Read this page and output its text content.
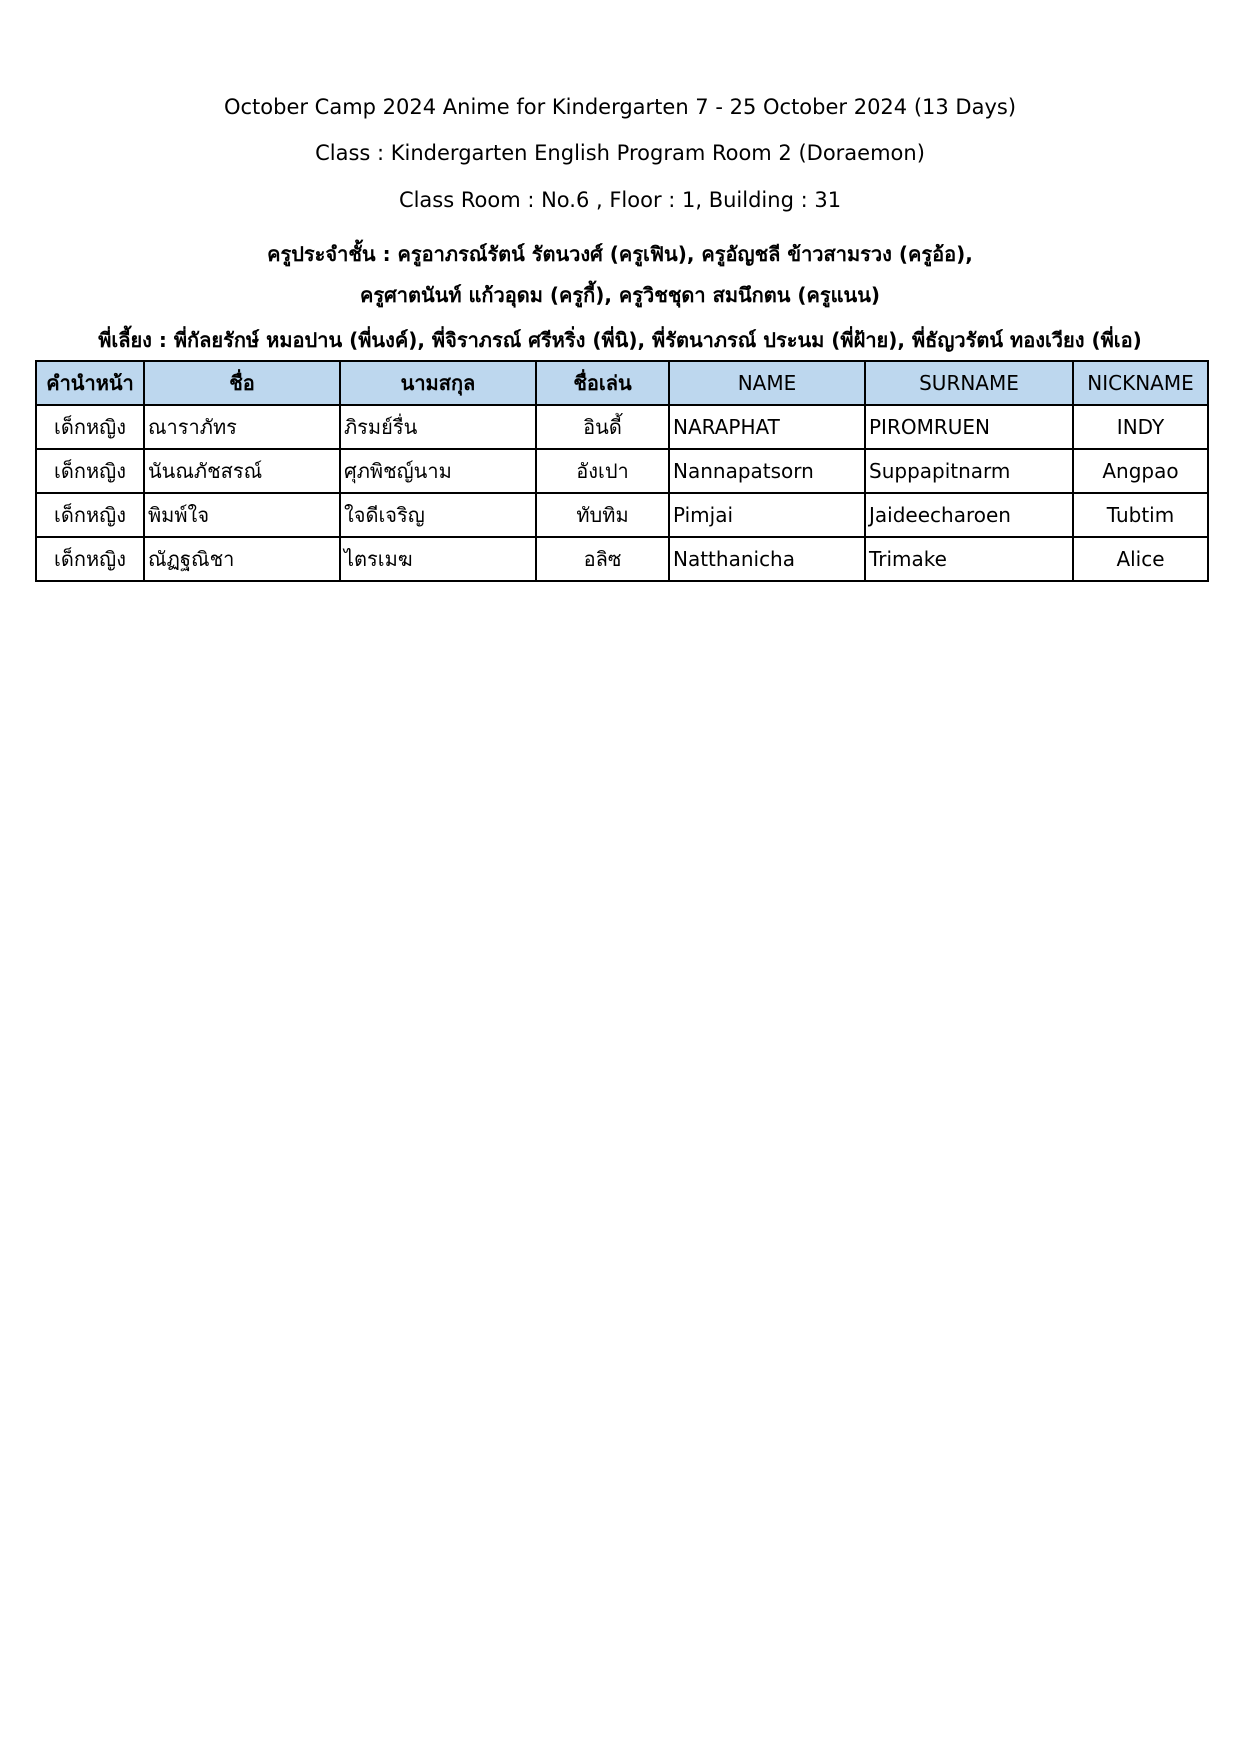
October Camp 2024 Anime for Kindergarten 7 - 25 October 2024 (13 Days)
Class : Kindergarten English Program Room 2 (Doraemon)
Class Room : No.6 , Floor : 1, Building : 31
ครูประจำชั้น : ครูอาภรณ์รัตน์ รัตนวงศ์ (ครูเฟิน), ครูอัญชลี ข้าวสามรวง (ครูอ้อ),
ครูศาตนันท์ แก้วอุดม (ครูกี้), ครูวิชชุดา สมนึกตน (ครูแนน)
พี่เลี้ยง : พี่กัลยรักษ์ หมอปาน (พี่นงค์), พี่จิราภรณ์ ศรีหริ่ง (พี่นิ), พี่รัตนาภรณ์ ประนม (พี่ฝ้าย), พี่ธัญวรัตน์ ทองเวียง (พี่เอ)
คำนำหน้า	ชื่อ	นามสกุล	ชื่อเล่น	NAME	SURNAME	NICKNAME
เด็กหญิง	ณาราภัทร	ภิรมย์รื่น	อินดี้	NARAPHAT	PIROMRUEN	INDY
เด็กหญิง	นันณภัชสรณ์	ศุภพิชญ์นาม	อังเปา	Nannapatsorn	Suppapitnarm	Angpao
เด็กหญิง	พิมพ์ใจ	ใจดีเจริญ	ทับทิม	Pimjai	Jaideecharoen	Tubtim
เด็กหญิง	ณัฏฐณิชา	ไตรเมฆ	อลิซ	Natthanicha	Trimake	Alice
